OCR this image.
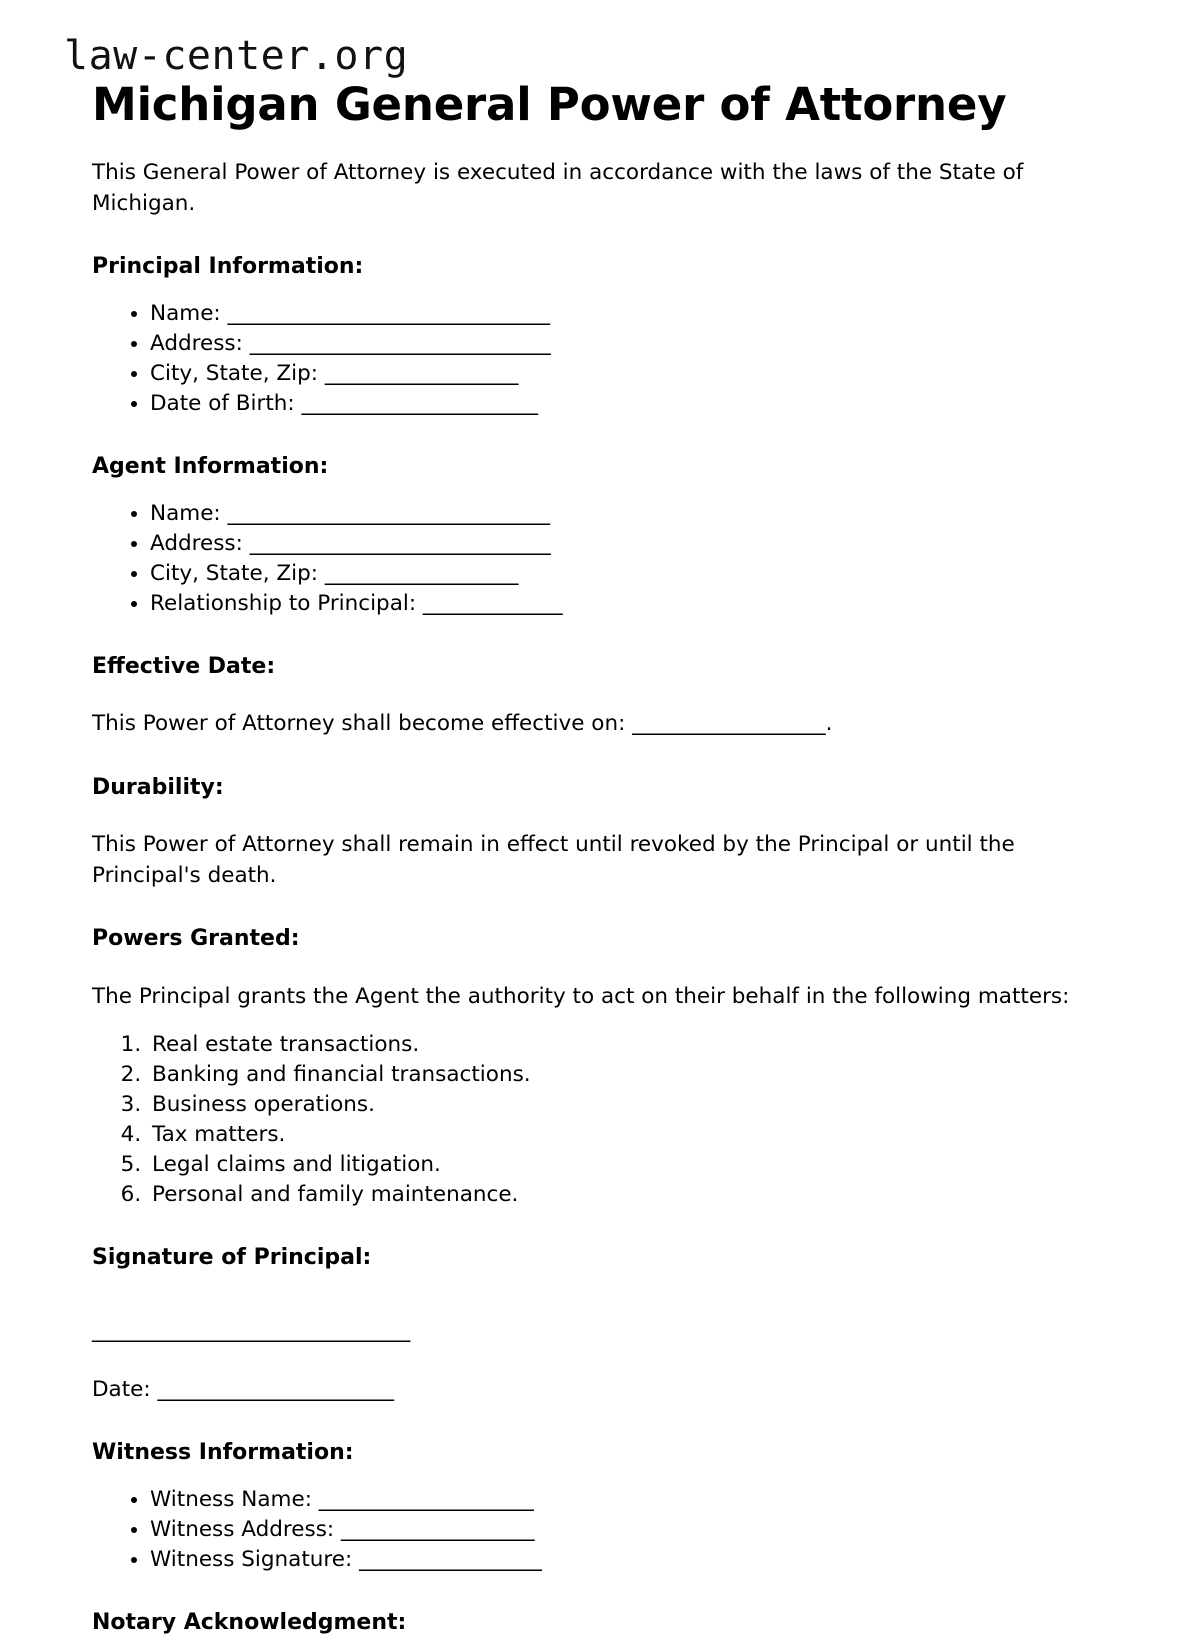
law-center.org
Michigan General Power of Attorney

This General Power of Attorney is executed in accordance with the laws of the State of Michigan.

Principal Information:
• Name: ______________________________
• Address: ____________________________
• City, State, Zip: __________________
• Date of Birth: ______________________
Agent Information:
• Name: ______________________________
• Address: ____________________________
• City, State, Zip: __________________
• Relationship to Principal: _____________
Effective Date:

This Power of Attorney shall become effective on: __________________.

Durability:

This Power of Attorney shall remain in effect until revoked by the Principal or until the Principal's death.

Powers Granted:

The Principal grants the Agent the authority to act on their behalf in the following matters:

1. Real estate transactions.
2. Banking and financial transactions.
3. Business operations.
4. Tax matters.
5. Legal claims and litigation.
6. Personal and family maintenance.
Signature of Principal:

_______________________________

Date: ______________________

Witness Information:
• Witness Name: ____________________
• Witness Address: __________________
• Witness Signature: _________________
Notary Acknowledgment:
